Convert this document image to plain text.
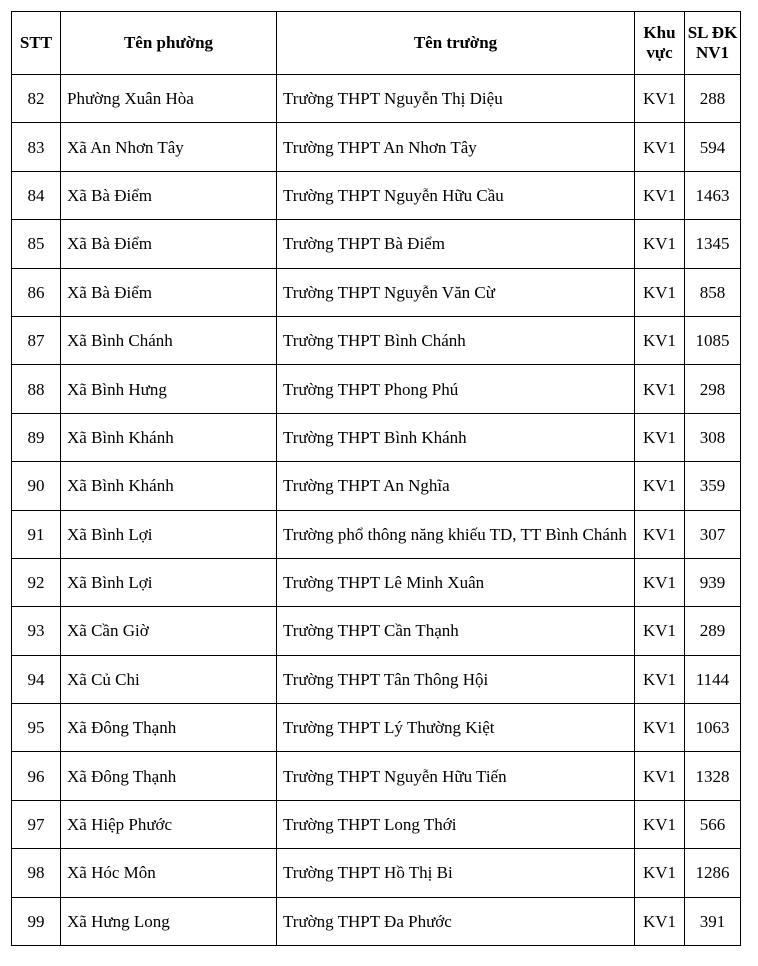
STT	Tên phường	Tên trường	Khu vực	SL ĐK NV1
82	Phường Xuân Hòa	Trường THPT Nguyễn Thị Diệu	KV1	288
83	Xã An Nhơn Tây	Trường THPT An Nhơn Tây	KV1	594
84	Xã Bà Điểm	Trường THPT Nguyễn Hữu Cầu	KV1	1463
85	Xã Bà Điểm	Trường THPT Bà Điểm	KV1	1345
86	Xã Bà Điểm	Trường THPT Nguyễn Văn Cừ	KV1	858
87	Xã Bình Chánh	Trường THPT Bình Chánh	KV1	1085
88	Xã Bình Hưng	Trường THPT Phong Phú	KV1	298
89	Xã Bình Khánh	Trường THPT Bình Khánh	KV1	308
90	Xã Bình Khánh	Trường THPT An Nghĩa	KV1	359
91	Xã Bình Lợi	Trường phổ thông năng khiếu TD, TT Bình Chánh	KV1	307
92	Xã Bình Lợi	Trường THPT Lê Minh Xuân	KV1	939
93	Xã Cần Giờ	Trường THPT Cần Thạnh	KV1	289
94	Xã Củ Chi	Trường THPT Tân Thông Hội	KV1	1144
95	Xã Đông Thạnh	Trường THPT Lý Thường Kiệt	KV1	1063
96	Xã Đông Thạnh	Trường THPT Nguyễn Hữu Tiến	KV1	1328
97	Xã Hiệp Phước	Trường THPT Long Thới	KV1	566
98	Xã Hóc Môn	Trường THPT Hồ Thị Bi	KV1	1286
99	Xã Hưng Long	Trường THPT Đa Phước	KV1	391
